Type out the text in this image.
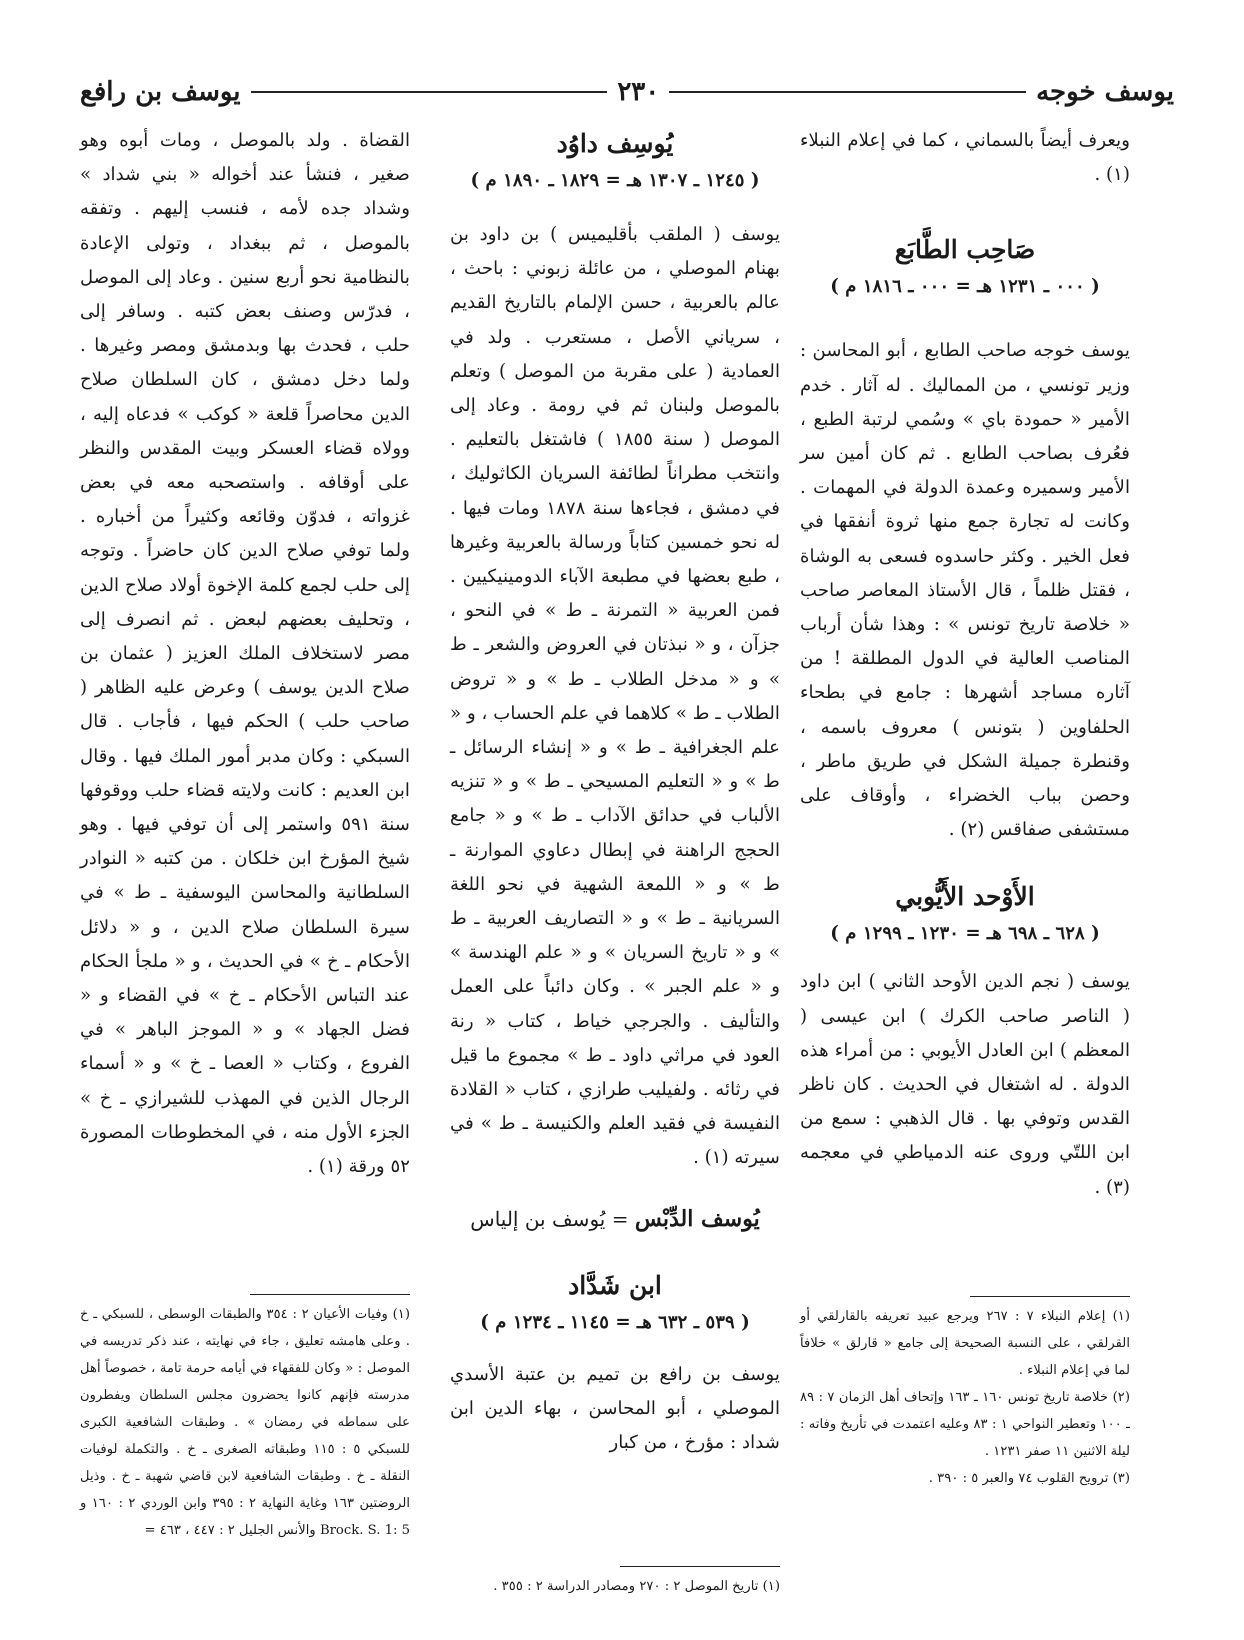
يوسف خوجه
٢٣٠
يوسف بن رافع

ويعرف أيضاً بالسماني ، كما في إعلام النبلاء (١) .

صَاحِب الطَّابَع

( ٠٠٠ ـ ١٢٣١ هـ = ٠٠٠ ـ ١٨١٦ م )

يوسف خوجه صاحب الطابع ، أبو المحاسن : وزير تونسي ، من المماليك . له آثار . خدم الأمير « حمودة باي » وسُمي لرتبة الطبع ، فعُرف بصاحب الطابع . ثم كان أمين سر الأمير وسميره وعمدة الدولة في المهمات . وكانت له تجارة جمع منها ثروة أنفقها في فعل الخير . وكثر حاسدوه فسعى به الوشاة ، فقتل ظلماً ، قال الأستاذ المعاصر صاحب « خلاصة تاريخ تونس » : وهذا شأن أرباب المناصب العالية في الدول المطلقة ! من آثاره مساجد أشهرها : جامع في بطحاء الحلفاوين ( بتونس ) معروف باسمه ، وقنطرة جميلة الشكل في طريق ماطر ، وحصن بباب الخضراء ، وأوقاف على مستشفى صفاقس (٢) .

الأَوْحد الأَيُّوبي

( ٦٢٨ ـ ٦٩٨ هـ = ١٢٣٠ ـ ١٢٩٩ م )

يوسف ( نجم الدين الأوحد الثاني ) ابن داود ( الناصر صاحب الكرك ) ابن عيسى ( المعظم ) ابن العادل الأيوبي : من أمراء هذه الدولة . له اشتغال في الحديث . كان ناظر القدس وتوفي بها . قال الذهبي : سمع من ابن اللتّي وروى عنه الدمياطي في معجمه (٣) .

(١) إعلام النبلاء ٧ : ٢٦٧ ويرجع عبيد تعريفه بالقارلقي أو القرلقي ، على النسبة الصحيحة إلى جامع « قارلق » خلافاً لما في إعلام النبلاء .

(٢) خلاصة تاريخ تونس ١٦٠ ـ ١٦٣ وإتحاف أهل الزمان ٧ : ٨٩ ـ ١٠٠ وتعطير النواحي ١ : ٨٣ وعليه اعتمدت في تأريخ وفاته : ليلة الاثنين ١١ صفر ١٢٣١ .

(٣) ترويح القلوب ٧٤ والعبر ٥ : ٣٩٠ .

يُوسِف داوُد

( ١٢٤٥ ـ ١٣٠٧ هـ = ١٨٢٩ ـ ١٨٩٠ م )

يوسف ( الملقب بأقليميس ) بن داود بن بهنام الموصلي ، من عائلة زبوني : باحث ، عالم بالعربية ، حسن الإلمام بالتاريخ القديم ، سرياني الأصل ، مستعرب . ولد في العمادية ( على مقربة من الموصل ) وتعلم بالموصل ولبنان ثم في رومة . وعاد إلى الموصل ( سنة ١٨٥٥ ) فاشتغل بالتعليم . وانتخب مطراناً لطائفة السريان الكاثوليك ، في دمشق ، فجاءها سنة ١٨٧٨ ومات فيها . له نحو خمسين كتاباً ورسالة بالعربية وغيرها ، طبع بعضها في مطبعة الآباء الدومينيكيين . فمن العربية « التمرنة ـ ط » في النحو ، جزآن ، و « نبذتان في العروض والشعر ـ ط » و « مدخل الطلاب ـ ط » و « تروض الطلاب ـ ط » كلاهما في علم الحساب ، و « علم الجغرافية ـ ط » و « إنشاء الرسائل ـ ط » و « التعليم المسيحي ـ ط » و « تنزيه الألباب في حدائق الآداب ـ ط » و « جامع الحجج الراهنة في إبطال دعاوي الموارنة ـ ط » و « اللمعة الشهية في نحو اللغة السريانية ـ ط » و « التصاريف العربية ـ ط » و « تاريخ السريان » و « علم الهندسة » و « علم الجبر » . وكان دائباً على العمل والتأليف . والجرجي خياط ، كتاب « رنة العود في مراثي داود ـ ط » مجموع ما قيل في رثائه . ولفيليب طرازي ، كتاب « القلادة النفيسة في فقيد العلم والكنيسة ـ ط » في سيرته (١) .

يُوسف الدِّبْس = يُوسف بن إلياس

ابن شَدَّاد

( ٥٣٩ ـ ٦٣٢ هـ = ١١٤٥ ـ ١٢٣٤ م )

يوسف بن رافع بن تميم بن عتبة الأسدي الموصلي ، أبو المحاسن ، بهاء الدين ابن شداد : مؤرخ ، من كبار

(١) تاريخ الموصل ٢ : ٢٧٠ ومصادر الدراسة ٢ : ٣٥٥ .

القضاة . ولد بالموصل ، ومات أبوه وهو صغير ، فنشأ عند أخواله « بني شداد » وشداد جده لأمه ، فنسب إليهم . وتفقه بالموصل ، ثم ببغداد ، وتولى الإعادة بالنظامية نحو أربع سنين . وعاد إلى الموصل ، فدرّس وصنف بعض كتبه . وسافر إلى حلب ، فحدث بها وبدمشق ومصر وغيرها . ولما دخل دمشق ، كان السلطان صلاح الدين محاصراً قلعة « كوكب » فدعاه إليه ، وولاه قضاء العسكر وبيت المقدس والنظر على أوقافه . واستصحبه معه في بعض غزواته ، فدوّن وقائعه وكثيراً من أخباره . ولما توفي صلاح الدين كان حاضراً . وتوجه إلى حلب لجمع كلمة الإخوة أولاد صلاح الدين ، وتحليف بعضهم لبعض . ثم انصرف إلى مصر لاستخلاف الملك العزيز ( عثمان بن صلاح الدين يوسف ) وعرض عليه الظاهر ( صاحب حلب ) الحكم فيها ، فأجاب . قال السبكي : وكان مدبر أمور الملك فيها . وقال ابن العديم : كانت ولايته قضاء حلب ووقوفها سنة ٥٩١ واستمر إلى أن توفي فيها . وهو شيخ المؤرخ ابن خلكان . من كتبه « النوادر السلطانية والمحاسن اليوسفية ـ ط » في سيرة السلطان صلاح الدين ، و « دلائل الأحكام ـ خ » في الحديث ، و « ملجأ الحكام عند التباس الأحكام ـ خ » في القضاء و « فضل الجهاد » و « الموجز الباهر » في الفروع ، وكتاب « العصا ـ خ » و « أسماء الرجال الذين في المهذب للشيرازي ـ خ » الجزء الأول منه ، في المخطوطات المصورة ٥٢ ورقة (١) .

(١) وفيات الأعيان ٢ : ٣٥٤ والطبقات الوسطى ، للسبكي ـ خ . وعلى هامشه تعليق ، جاء في نهايته ، عند ذكر تدريسه في الموصل : « وكان للفقهاء في أيامه حرمة تامة ، خصوصاً أهل مدرسته فإنهم كانوا يحضرون مجلس السلطان ويفطرون على سماطه في رمضان » . وطبقات الشافعية الكبرى للسبكي ٥ : ١١٥ وطبقاته الصغرى ـ خ . والتكملة لوفيات النقلة ـ خ . وطبقات الشافعية لابن قاضي شهبة ـ خ . وذيل الروضتين ١٦٣ وغاية النهاية ٢ : ٣٩٥ وابن الوردي ٢ : ١٦٠ و Brock. S. 1: 5 والأنس الجليل ٢ : ٤٤٧ ، ٤٦٣ =
